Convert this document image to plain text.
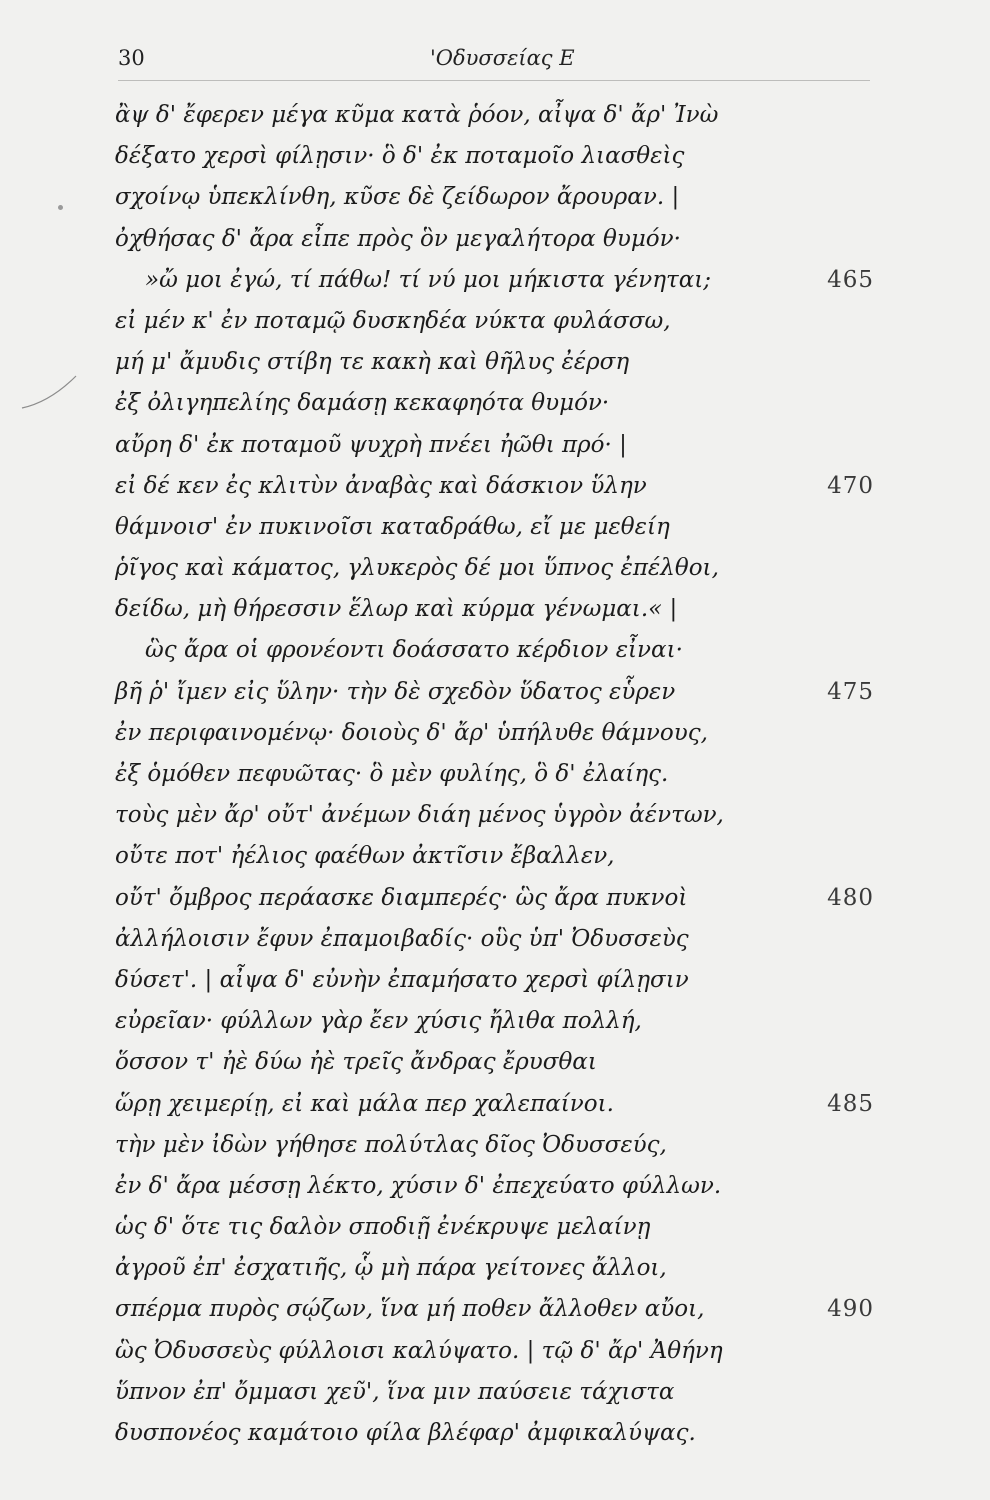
30	'Οδυσσείας Ε
ἂψ δ' ἔφερεν μέγα κῦμα κατὰ ῥόον, αἶψα δ' ἄρ' Ἰνὼ
δέξατο χερσὶ φίλῃσιν· ὃ δ' ἐκ ποταμοῖο λιασθεὶς
σχοίνῳ ὑπεκλίνθη, κῦσε δὲ ζείδωρον ἄρουραν. |
ὀχθήσας δ' ἄρα εἶπε πρὸς ὃν μεγαλήτορα θυμόν·
»ὤ μοι ἐγώ, τί πάθω! τί νύ μοι μήκιστα γένηται;	465
εἰ μέν κ' ἐν ποταμῷ δυσκηδέα νύκτα φυλάσσω,
μή μ' ἄμυδις στίβη τε κακὴ καὶ θῆλυς ἐέρση
ἐξ ὀλιγηπελίης δαμάσῃ κεκαφηότα θυμόν·
αὔρη δ' ἐκ ποταμοῦ ψυχρὴ πνέει ἠῶθι πρό· |
εἰ δέ κεν ἐς κλιτὺν ἀναβὰς καὶ δάσκιον ὕλην	470
θάμνοισ' ἐν πυκινοῖσι καταδράθω, εἴ με μεθείη
ῥῖγος καὶ κάματος, γλυκερὸς δέ μοι ὕπνος ἐπέλθοι,
δείδω, μὴ θήρεσσιν ἕλωρ καὶ κύρμα γένωμαι.« |
ὣς ἄρα οἱ φρονέοντι δοάσσατο κέρδιον εἶναι·
βῆ ῥ' ἴμεν εἰς ὕλην· τὴν δὲ σχεδὸν ὕδατος εὗρεν	475
ἐν περιφαινομένῳ· δοιοὺς δ' ἄρ' ὑπήλυθε θάμνους,
ἐξ ὁμόθεν πεφυῶτας· ὃ μὲν φυλίης, ὃ δ' ἐλαίης.
τοὺς μὲν ἄρ' οὔτ' ἀνέμων διάη μένος ὑγρὸν ἀέντων,
οὔτε ποτ' ἠέλιος φαέθων ἀκτῖσιν ἔβαλλεν,
οὔτ' ὄμβρος περάασκε διαμπερές· ὣς ἄρα πυκνοὶ	480
ἀλλήλοισιν ἔφυν ἐπαμοιβαδίς· οὓς ὑπ' Ὀδυσσεὺς
δύσετ'. | αἶψα δ' εὐνὴν ἐπαμήσατο χερσὶ φίλῃσιν
εὐρεῖαν· φύλλων γὰρ ἔεν χύσις ἤλιθα πολλή,
ὅσσον τ' ἠὲ δύω ἠὲ τρεῖς ἄνδρας ἔρυσθαι
ὥρῃ χειμερίῃ, εἰ καὶ μάλα περ χαλεπαίνοι.	485
τὴν μὲν ἰδὼν γήθησε πολύτλας δῖος Ὀδυσσεύς,
ἐν δ' ἄρα μέσσῃ λέκτο, χύσιν δ' ἐπεχεύατο φύλλων.
ὡς δ' ὅτε τις δαλὸν σποδιῇ ἐνέκρυψε μελαίνῃ
ἀγροῦ ἐπ' ἐσχατιῆς, ᾧ μὴ πάρα γείτονες ἄλλοι,
σπέρμα πυρὸς σῴζων, ἵνα μή ποθεν ἄλλοθεν αὔοι,	490
ὣς Ὀδυσσεὺς φύλλοισι καλύψατο. | τῷ δ' ἄρ' Ἀθήνη
ὕπνον ἐπ' ὄμμασι χεῦ', ἵνα μιν παύσειε τάχιστα
δυσπονέος καμάτοιο φίλα βλέφαρ' ἀμφικαλύψας.
